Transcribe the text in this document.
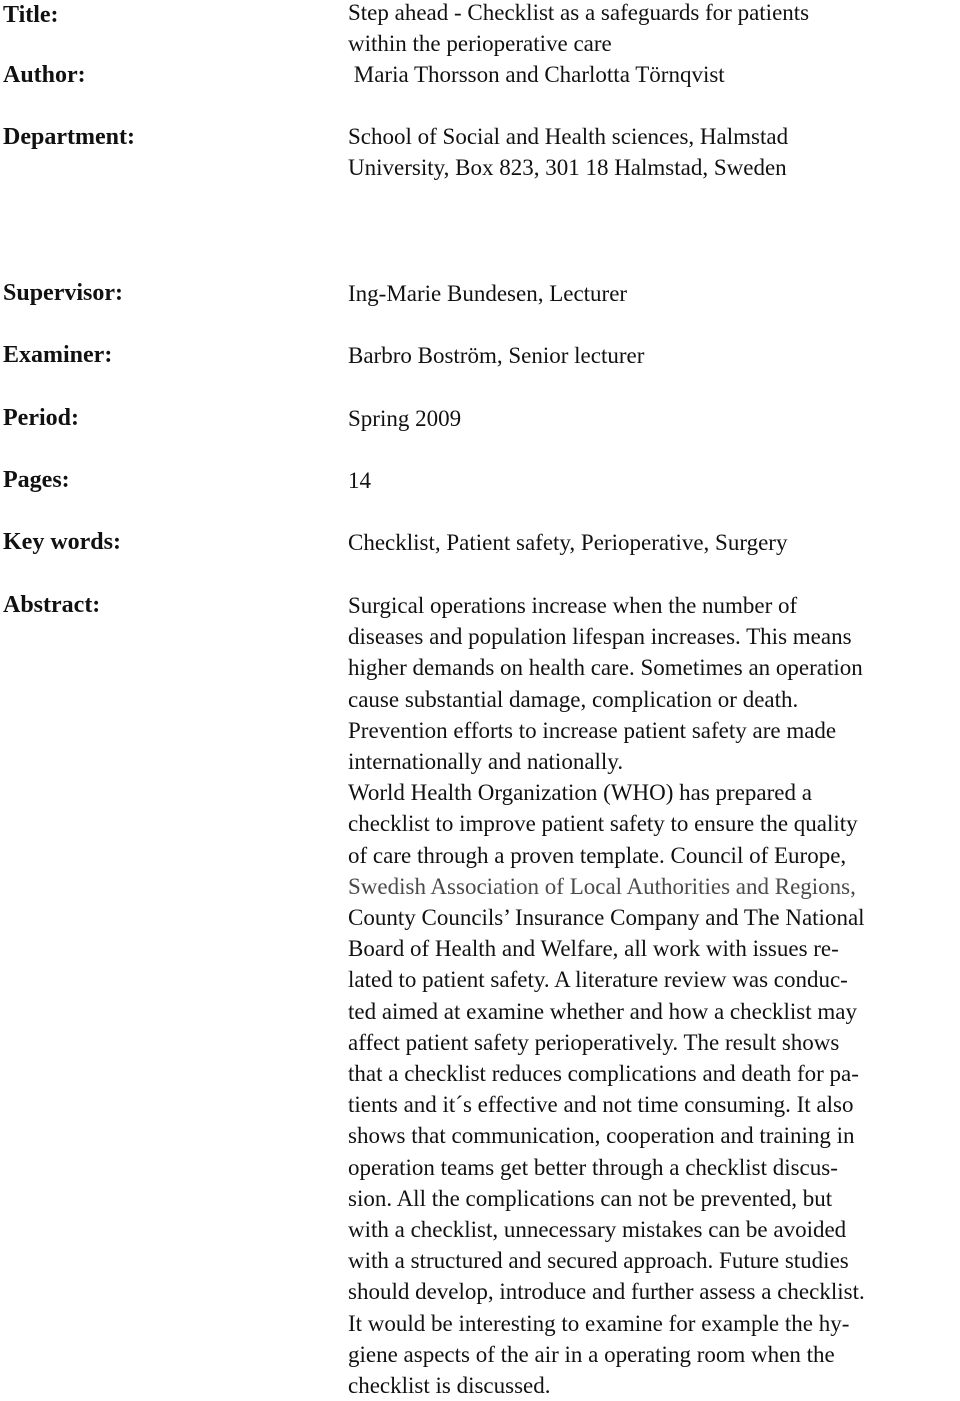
Title:
Author:
Department:
Supervisor:
Examiner:
Period:
Pages:
Key words:
Abstract:
Step ahead - Checklist as a safeguards for patients
within the perioperative care
Maria Thorsson and Charlotta Törnqvist
School of Social and Health sciences, Halmstad
University, Box 823, 301 18 Halmstad, Sweden
Ing-Marie Bundesen, Lecturer
Barbro Boström, Senior lecturer
Spring 2009
14
Checklist, Patient safety, Perioperative, Surgery
Surgical operations increase when the number of
diseases and population lifespan increases. This means
higher demands on health care. Sometimes an operation
cause substantial damage, complication or death.
Prevention efforts to increase patient safety are made
internationally and nationally.
World Health Organization (WHO) has prepared a
checklist to improve patient safety to ensure the quality
of care through a proven template. Council of Europe,
Swedish Association of Local Authorities and Regions,
County Councils’ Insurance Company and The National
Board of Health and Welfare, all work with issues re-
lated to patient safety. A literature review was conduc-
ted aimed at examine whether and how a checklist may
affect patient safety perioperatively. The result shows
that a checklist reduces complications and death for pa-
tients and it´s effective and not time consuming. It also
shows that communication, cooperation and training in
operation teams get better through a checklist discus-
sion. All the complications can not be prevented, but
with a checklist, unnecessary mistakes can be avoided
with a structured and secured approach. Future studies
should develop, introduce and further assess a checklist.
It would be interesting to examine for example the hy-
giene aspects of the air in a operating room when the
checklist is discussed.
